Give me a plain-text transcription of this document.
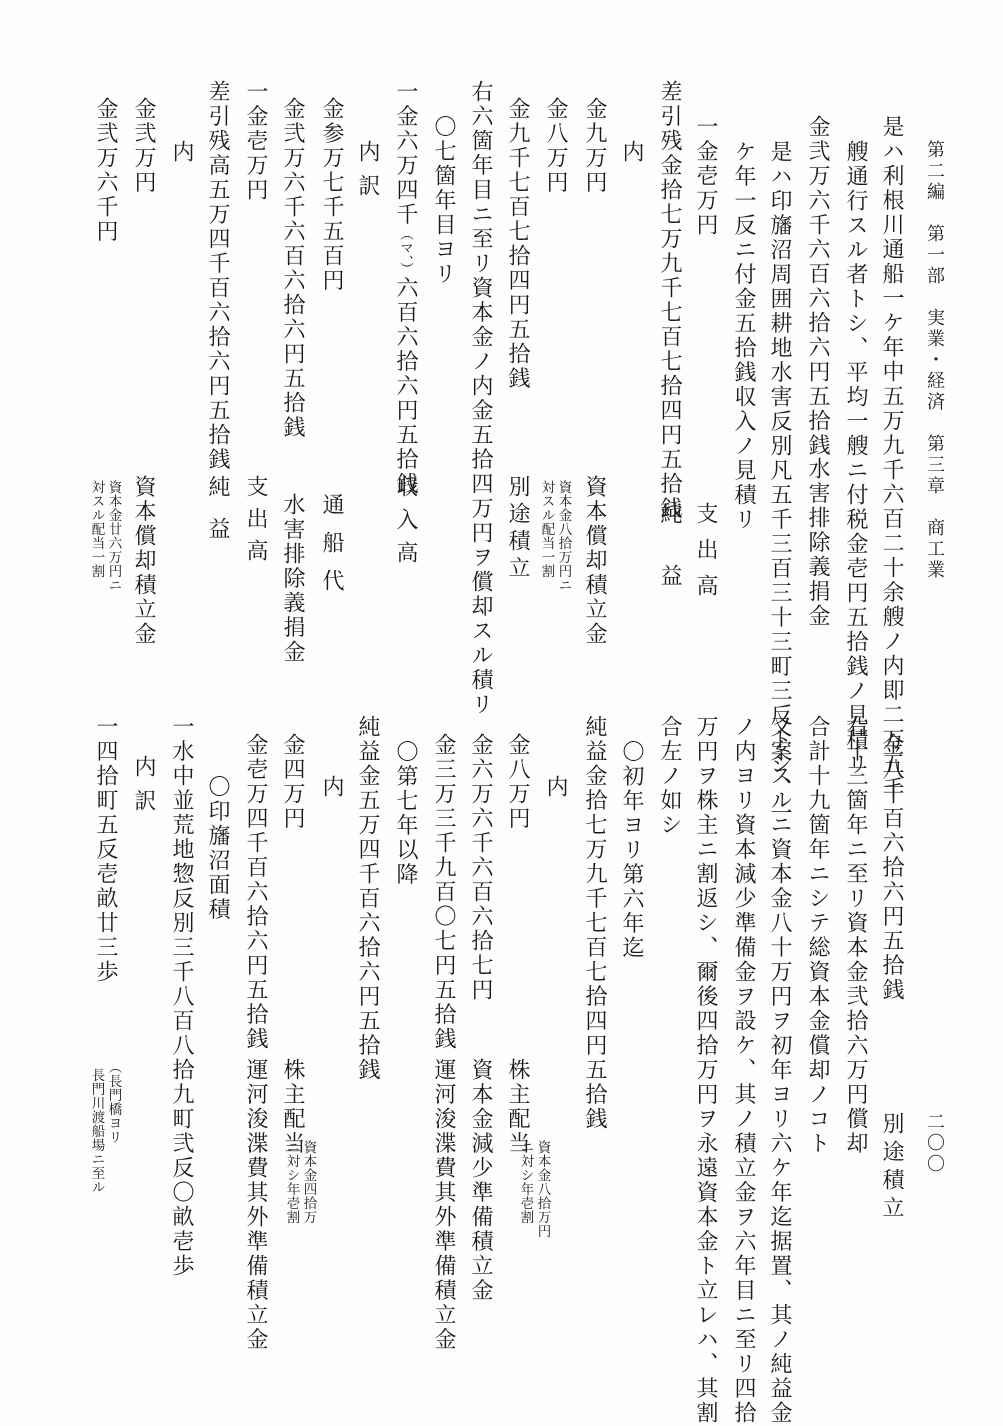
第二編　第一部　実業・経済　第三章　商工業
二〇〇
是ハ利根川通船一ケ年中五万九千六百二十余艘ノ内即二万五千
艘通行スル者トシ、平均一艘ニ付税金壱円五拾銭ノ見積リ
金弐万六千六百六拾六円五拾銭
水害排除義捐金
是ハ印旛沼周囲耕地水害反別凡五千三百三十三町三反トシ、一
ケ年一反ニ付金五拾銭収入ノ見積リ
一金壱万円
支出高
差引残金拾七万九千七百七拾四円五拾銭
純益
内
金九万円
資本償却積立金
金八万円
資本金八拾万円ニ
対スル配当一割
金九千七百七拾四円五拾銭
別途積立
右六箇年目ニ至リ資本金ノ内金五拾四万円ヲ償却スル積リ
〇七箇年目ヨリ
一金六万四千（マ、）六百六拾六円五拾銭
収入高
内訳
金参万七千五百円
通船代
金弐万六千六百六拾六円五拾銭
水害排除義捐金
一金壱万円
支出高
差引残高五万四千百六拾六円五拾銭
純益
内
金弐万円
資本償却積立金
金弐万六千円
資本金廿六万円ニ
対スル配当一割
金八千百六拾六円五拾銭
別途積立
右十三箇年ニ至リ資本金弐拾六万円償却
合計十九箇年ニシテ総資本金償却ノコト
又案スルニ資本金八十万円ヲ初年ヨリ六ケ年迄据置、其ノ純益金
ノ内ヨリ資本減少準備金ヲ設ケ、其ノ積立金ヲ六年目ニ至リ四拾
万円ヲ株主ニ割返シ、爾後四拾万円ヲ永遠資本金ト立レハ、其割
合左ノ如シ
〇初年ヨリ第六年迄
純益金拾七万九千七百七拾四円五拾銭
内
金八万円
株主配当
資本金八拾万円
ニ対シ年壱割
金六万六千六百六拾七円
資本金減少準備積立金
金三万三千九百〇七円五拾銭
運河浚渫費其外準備積立金
〇第七年以降
純益金五万四千百六拾六円五拾銭
内
金四万円
株主配当
資本金四拾万
ニ対シ年壱割
金壱万四千百六拾六円五拾銭
運河浚渫費其外準備積立金
〇印旛沼面積
一水中並荒地惣反別三千八百八拾九町弐反〇畝壱歩
内訳
一四拾町五反壱畝廿三歩
（長門橋ヨリ
長門川渡船場ニ至ル
